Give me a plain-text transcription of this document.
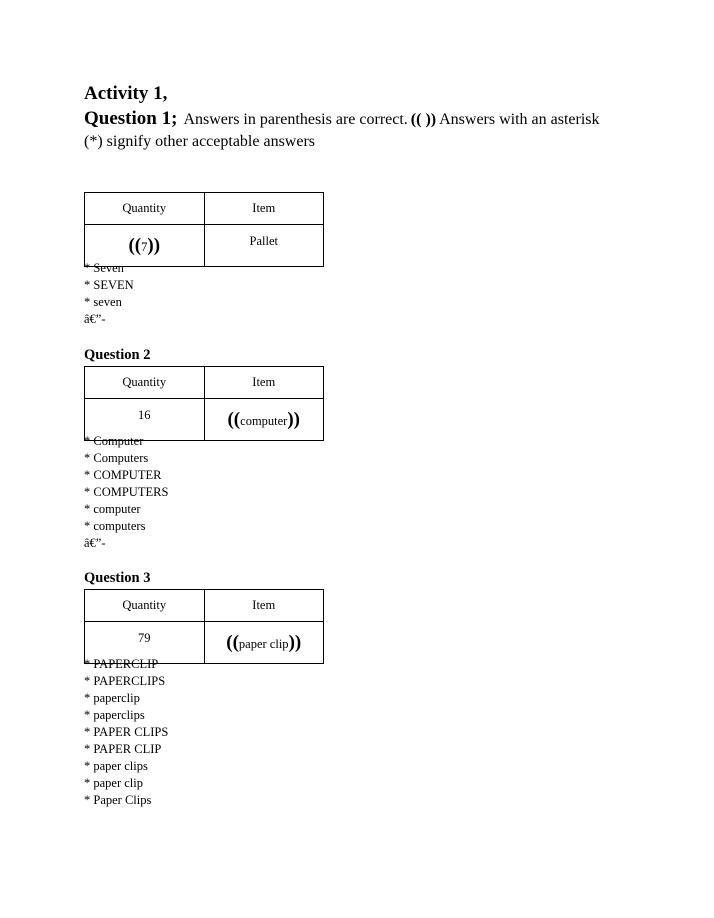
Activity 1,
Question 1; Answers in parenthesis are correct. (( )) Answers with an asterisk
(*) signify other acceptable answers
Quantity	Item
((7))	Pallet
* Seven
* SEVEN
* seven
â€”-
Question 2
Quantity	Item
16	((computer))
* Computer
* Computers
* COMPUTER
* COMPUTERS
* computer
* computers
â€”-
Question 3
Quantity	Item
79	((paper clip))
* PAPERCLIP
* PAPERCLIPS
* paperclip
* paperclips
* PAPER CLIPS
* PAPER CLIP
* paper clips
* paper clip
* Paper Clips
